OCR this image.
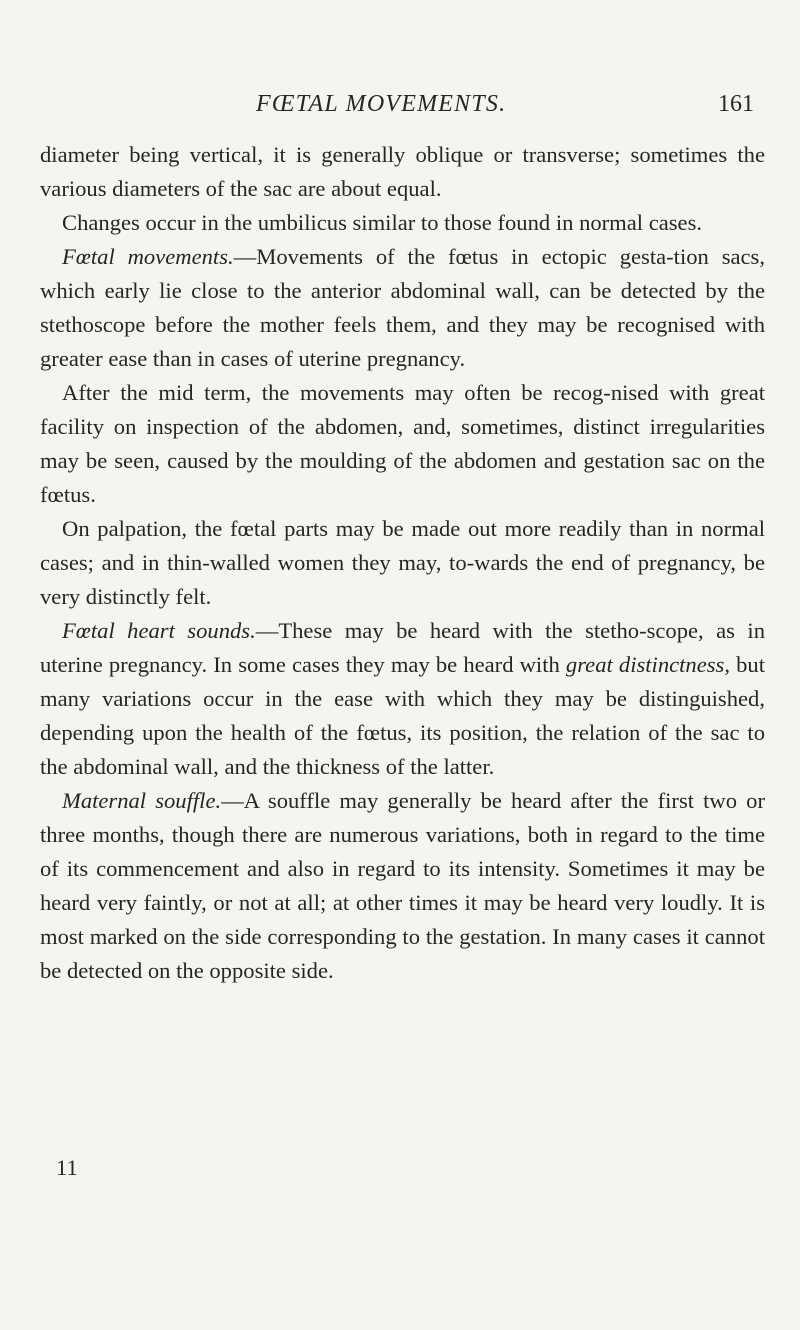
FŒTAL MOVEMENTS.	161

diameter being vertical, it is generally oblique or transverse; sometimes the various diameters of the sac are about equal.

Changes occur in the umbilicus similar to those found in normal cases.

Fœtal movements.—Movements of the fœtus in ectopic gesta-tion sacs, which early lie close to the anterior abdominal wall, can be detected by the stethoscope before the mother feels them, and they may be recognised with greater ease than in cases of uterine pregnancy.

After the mid term, the movements may often be recog-nised with great facility on inspection of the abdomen, and, sometimes, distinct irregularities may be seen, caused by the moulding of the abdomen and gestation sac on the fœtus.

On palpation, the fœtal parts may be made out more readily than in normal cases; and in thin-walled women they may, to-wards the end of pregnancy, be very distinctly felt.

Fœtal heart sounds.—These may be heard with the stetho-scope, as in uterine pregnancy. In some cases they may be heard with great distinctness, but many variations occur in the ease with which they may be distinguished, depending upon the health of the fœtus, its position, the relation of the sac to the abdominal wall, and the thickness of the latter.

Maternal souffle.—A souffle may generally be heard after the first two or three months, though there are numerous variations, both in regard to the time of its commencement and also in regard to its intensity. Sometimes it may be heard very faintly, or not at all; at other times it may be heard very loudly. It is most marked on the side corresponding to the gestation. In many cases it cannot be detected on the opposite side.

11
